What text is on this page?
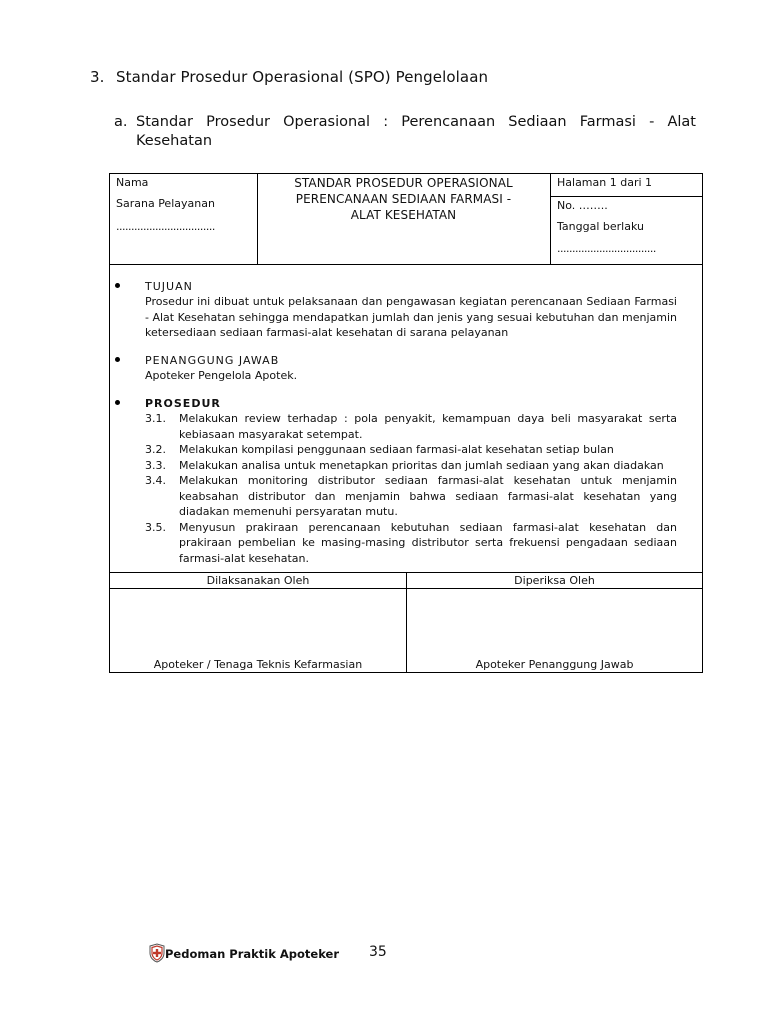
3. Standar Prosedur Operasional (SPO) Pengelolaan
a. Standar Prosedur Operasional : Perencanaan Sediaan Farmasi - Alat Kesehatan
Nama
Sarana Pelayanan
.................................
STANDAR PROSEDUR OPERASIONAL
PERENCANAAN SEDIAAN FARMASI -
ALAT KESEHATAN
Halaman 1 dari 1
No. ……..
Tanggal berlaku
.................................
TUJUAN
Prosedur ini dibuat untuk pelaksanaan dan pengawasan kegiatan perencanaan Sediaan Farmasi - Alat Kesehatan sehingga mendapatkan jumlah dan jenis yang sesuai kebutuhan dan menjamin ketersediaan sediaan farmasi-alat kesehatan di sarana pelayanan
PENANGGUNG JAWAB
Apoteker Pengelola Apotek.
PROSEDUR
3.1. Melakukan review terhadap : pola penyakit, kemampuan daya beli masyarakat serta kebiasaan masyarakat setempat.
3.2. Melakukan kompilasi penggunaan sediaan farmasi-alat kesehatan setiap bulan
3.3. Melakukan analisa untuk menetapkan prioritas dan jumlah sediaan yang akan diadakan
3.4. Melakukan monitoring distributor sediaan farmasi-alat kesehatan untuk menjamin keabsahan distributor dan menjamin bahwa sediaan farmasi-alat kesehatan yang diadakan memenuhi persyaratan mutu.
3.5. Menyusun prakiraan perencanaan kebutuhan sediaan farmasi-alat kesehatan dan prakiraan pembelian ke masing-masing distributor serta frekuensi pengadaan sediaan farmasi-alat kesehatan.
Dilaksanakan Oleh
Apoteker / Tenaga Teknis Kefarmasian
Diperiksa Oleh
Apoteker Penanggung Jawab
Pedoman Praktik Apoteker 35
